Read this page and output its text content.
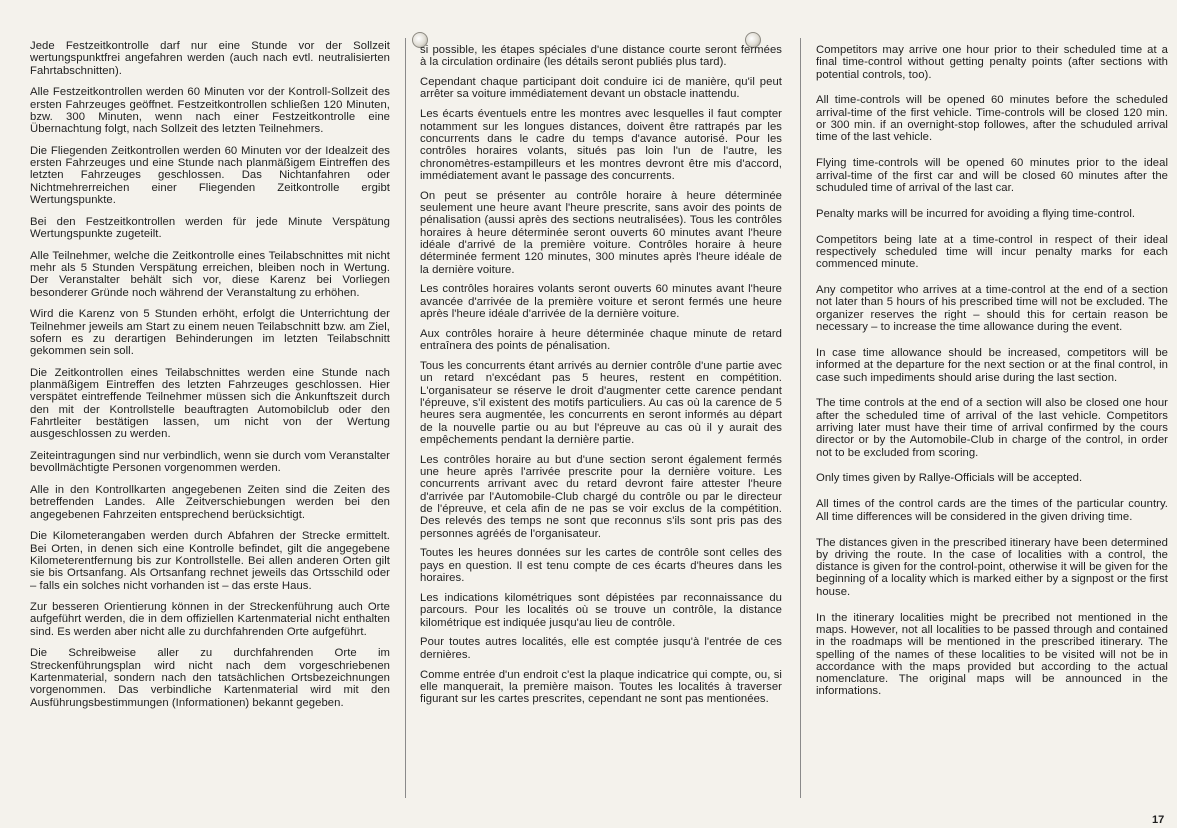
Jede Festzeitkontrolle darf nur eine Stunde vor der Sollzeit wertungspunktfrei angefahren werden (auch nach evtl. neutralisierten Fahrtabschnitten).

Alle Festzeitkontrollen werden 60 Minuten vor der Kontroll-Sollzeit des ersten Fahrzeuges geöffnet. Festzeitkontrollen schließen 120 Minuten, bzw. 300 Minuten, wenn nach einer Festzeitkontrolle eine Übernachtung folgt, nach Sollzeit des letzten Teilnehmers.

Die Fliegenden Zeitkontrollen werden 60 Minuten vor der Idealzeit des ersten Fahrzeuges und eine Stunde nach planmäßigem Eintreffen des letzten Fahrzeuges geschlossen. Das Nichtanfahren oder Nichtmehrerreichen einer Fliegenden Zeitkontrolle ergibt Wertungspunkte.

Bei den Festzeitkontrollen werden für jede Minute Verspätung Wertungspunkte zugeteilt.

Alle Teilnehmer, welche die Zeitkontrolle eines Teilabschnittes mit nicht mehr als 5 Stunden Verspätung erreichen, bleiben noch in Wertung. Der Veranstalter behält sich vor, diese Karenz bei Vorliegen besonderer Gründe noch während der Veranstaltung zu erhöhen.

Wird die Karenz von 5 Stunden erhöht, erfolgt die Unterrichtung der Teilnehmer jeweils am Start zu einem neuen Teilabschnitt bzw. am Ziel, sofern es zu derartigen Behinderungen im letzten Teilabschnitt gekommen sein soll.

Die Zeitkontrollen eines Teilabschnittes werden eine Stunde nach planmäßigem Eintreffen des letzten Fahrzeuges geschlossen. Hier verspätet eintreffende Teilnehmer müssen sich die Ankunftszeit durch den mit der Kontrollstelle beauftragten Automobilclub oder den Fahrtleiter bestätigen lassen, um nicht von der Wertung ausgeschlossen zu werden.

Zeiteintragungen sind nur verbindlich, wenn sie durch vom Veranstalter bevollmächtigte Personen vorgenommen werden.

Alle in den Kontrollkarten angegebenen Zeiten sind die Zeiten des betreffenden Landes. Alle Zeitverschiebungen werden bei den angegebenen Fahrzeiten entsprechend berücksichtigt.

Die Kilometerangaben werden durch Abfahren der Strecke ermittelt. Bei Orten, in denen sich eine Kontrolle befindet, gilt die angegebene Kilometerentfernung bis zur Kontrollstelle. Bei allen anderen Orten gilt sie bis Ortsanfang. Als Ortsanfang rechnet jeweils das Ortsschild oder – falls ein solches nicht vorhanden ist – das erste Haus.

Zur besseren Orientierung können in der Streckenführung auch Orte aufgeführt werden, die in dem offiziellen Kartenmaterial nicht enthalten sind. Es werden aber nicht alle zu durchfahrenden Orte aufgeführt.

Die Schreibweise aller zu durchfahrenden Orte im Streckenführungsplan wird nicht nach dem vorgeschriebenen Kartenmaterial, sondern nach den tatsächlichen Ortsbezeichnungen vorgenommen. Das verbindliche Kartenmaterial wird mit den Ausführungsbestimmungen (Informationen) bekannt gegeben.

si possible, les étapes spéciales d'une distance courte seront fermées à la circulation ordinaire (les détails seront publiés plus tard).

Cependant chaque participant doit conduire ici de manière, qu'il peut arrêter sa voiture immédiatement devant un obstacle inattendu.

Les écarts éventuels entre les montres avec lesquelles il faut compter notamment sur les longues distances, doivent être rattrapés par les concurrents dans le cadre du temps d'avance autorisé. Pour les contrôles horaires volants, situés pas loin l'un de l'autre, les chronomètres-estampilleurs et les montres devront être mis d'accord, immédiatement avant le passage des concurrents.

On peut se présenter au contrôle horaire à heure déterminée seulement une heure avant l'heure prescrite, sans avoir des points de pénalisation (aussi après des sections neutralisées). Tous les contrôles horaires à heure déterminée seront ouverts 60 minutes avant l'heure idéale d'arrivé de la première voiture. Contrôles horaire à heure déterminée ferment 120 minutes, 300 minutes après l'heure idéale de la dernière voiture.

Les contrôles horaires volants seront ouverts 60 minutes avant l'heure avancée d'arrivée de la première voiture et seront fermés une heure après l'heure idéale d'arrivée de la dernière voiture.

Aux contrôles horaire à heure déterminée chaque minute de retard entraînera des points de pénalisation.

Tous les concurrents étant arrivés au dernier contrôle d'une partie avec un retard n'excédant pas 5 heures, restent en compétition. L'organisateur se réserve le droit d'augmenter cette carence pendant l'épreuve, s'il existent des motifs particuliers. Au cas où la carence de 5 heures sera augmentée, les concurrents en seront informés au départ de la nouvelle partie ou au but l'épreuve au cas où il y aurait des empêchements pendant la dernière partie.

Les contrôles horaire au but d'une section seront également fermés une heure après l'arrivée prescrite pour la dernière voiture. Les concurrents arrivant avec du retard devront faire attester l'heure d'arrivée par l'Automobile-Club chargé du contrôle ou par le directeur de l'épreuve, et cela afin de ne pas se voir exclus de la compétition. Des relevés des temps ne sont que reconnus s'ils sont pris pas des personnes agréés de l'organisateur.

Toutes les heures données sur les cartes de contrôle sont celles des pays en question. Il est tenu compte de ces écarts d'heures dans les horaires.

Les indications kilométriques sont dépistées par reconnaissance du parcours. Pour les localités où se trouve un contrôle, la distance kilométrique est indiquée jusqu'au lieu de contrôle.

Pour toutes autres localités, elle est comptée jusqu'à l'entrée de ces dernières.

Comme entrée d'un endroit c'est la plaque indicatrice qui compte, ou, si elle manquerait, la première maison. Toutes les localités à traverser figurant sur les cartes prescrites, cependant ne sont pas mentionées.

Competitors may arrive one hour prior to their scheduled time at a final time-control without getting penalty points (after sections with potential controls, too).

All time-controls will be opened 60 minutes before the scheduled arrival-time of the first vehicle. Time-controls will be closed 120 min. or 300 min. if an overnight-stop followes, after the schuduled arrival time of the last vehicle.

Flying time-controls will be opened 60 minutes prior to the ideal arrival-time of the first car and will be closed 60 minutes after the schuduled time of arrival of the last car.

Penalty marks will be incurred for avoiding a flying time-control.

Competitors being late at a time-control in respect of their ideal respectively scheduled time will incur penalty marks for each commenced minute.

Any competitor who arrives at a time-control at the end of a section not later than 5 hours of his prescribed time will not be excluded. The organizer reserves the right – should this for certain reason be necessary – to increase the time allowance during the event.

In case time allowance should be increased, competitors will be informed at the departure for the next section or at the final control, in case such impediments should arise during the last section.

The time controls at the end of a section will also be closed one hour after the scheduled time of arrival of the last vehicle. Competitors arriving later must have their time of arrival confirmed by the cours director or by the Automobile-Club in charge of the control, in order not to be excluded from scoring.

Only times given by Rallye-Officials will be accepted.

All times of the control cards are the times of the particular country. All time differences will be considered in the given driving time.

The distances given in the prescribed itinerary have been determined by driving the route. In the case of localities with a control, the distance is given for the control-point, otherwise it will be given for the beginning of a locality which is marked either by a signpost or the first house.

In the itinerary localities might be precribed not mentioned in the maps. However, not all localities to be passed through and contained in the roadmaps will be mentioned in the prescribed itinerary. The spelling of the names of these localities to be visited will not be in accordance with the maps provided but according to the actual nomenclature. The original maps will be announced in the informations.

17
